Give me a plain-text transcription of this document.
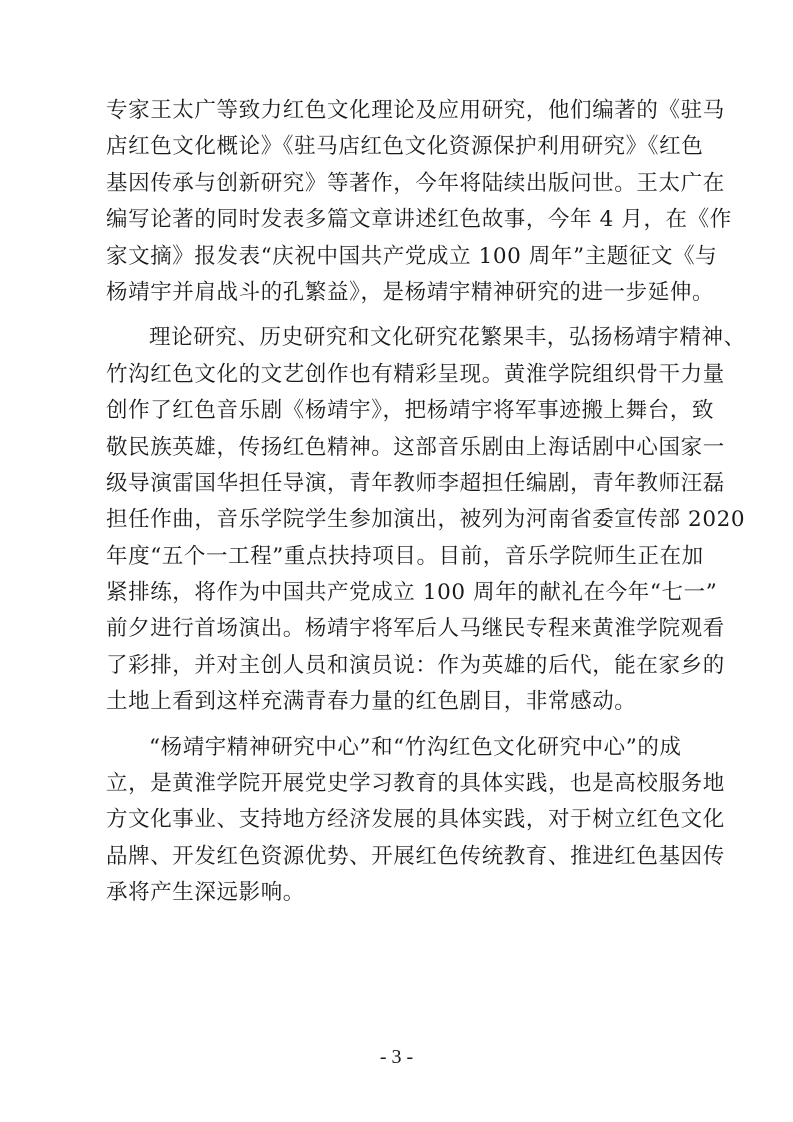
专家王太广等致力红色文化理论及应用研究，他们编著的《驻马
店红色文化概论》《驻马店红色文化资源保护利用研究》《红色
基因传承与创新研究》等著作，今年将陆续出版问世。王太广在
编写论著的同时发表多篇文章讲述红色故事，今年 4 月，在《作
家文摘》报发表“庆祝中国共产党成立 100 周年”主题征文《与
杨靖宇并肩战斗的孔繁益》，是杨靖宇精神研究的进一步延伸。

理论研究、历史研究和文化研究花繁果丰，弘扬杨靖宇精神、
竹沟红色文化的文艺创作也有精彩呈现。黄淮学院组织骨干力量
创作了红色音乐剧《杨靖宇》，把杨靖宇将军事迹搬上舞台，致
敬民族英雄，传扬红色精神。这部音乐剧由上海话剧中心国家一
级导演雷国华担任导演，青年教师李超担任编剧，青年教师汪磊
担任作曲，音乐学院学生参加演出，被列为河南省委宣传部 2020
年度“五个一工程”重点扶持项目。目前，音乐学院师生正在加
紧排练，将作为中国共产党成立 100 周年的献礼在今年“七一”
前夕进行首场演出。杨靖宇将军后人马继民专程来黄淮学院观看
了彩排，并对主创人员和演员说：作为英雄的后代，能在家乡的
土地上看到这样充满青春力量的红色剧目，非常感动。

“杨靖宇精神研究中心”和“竹沟红色文化研究中心”的成
立，是黄淮学院开展党史学习教育的具体实践，也是高校服务地
方文化事业、支持地方经济发展的具体实践，对于树立红色文化
品牌、开发红色资源优势、开展红色传统教育、推进红色基因传
承将产生深远影响。

- 3 -
